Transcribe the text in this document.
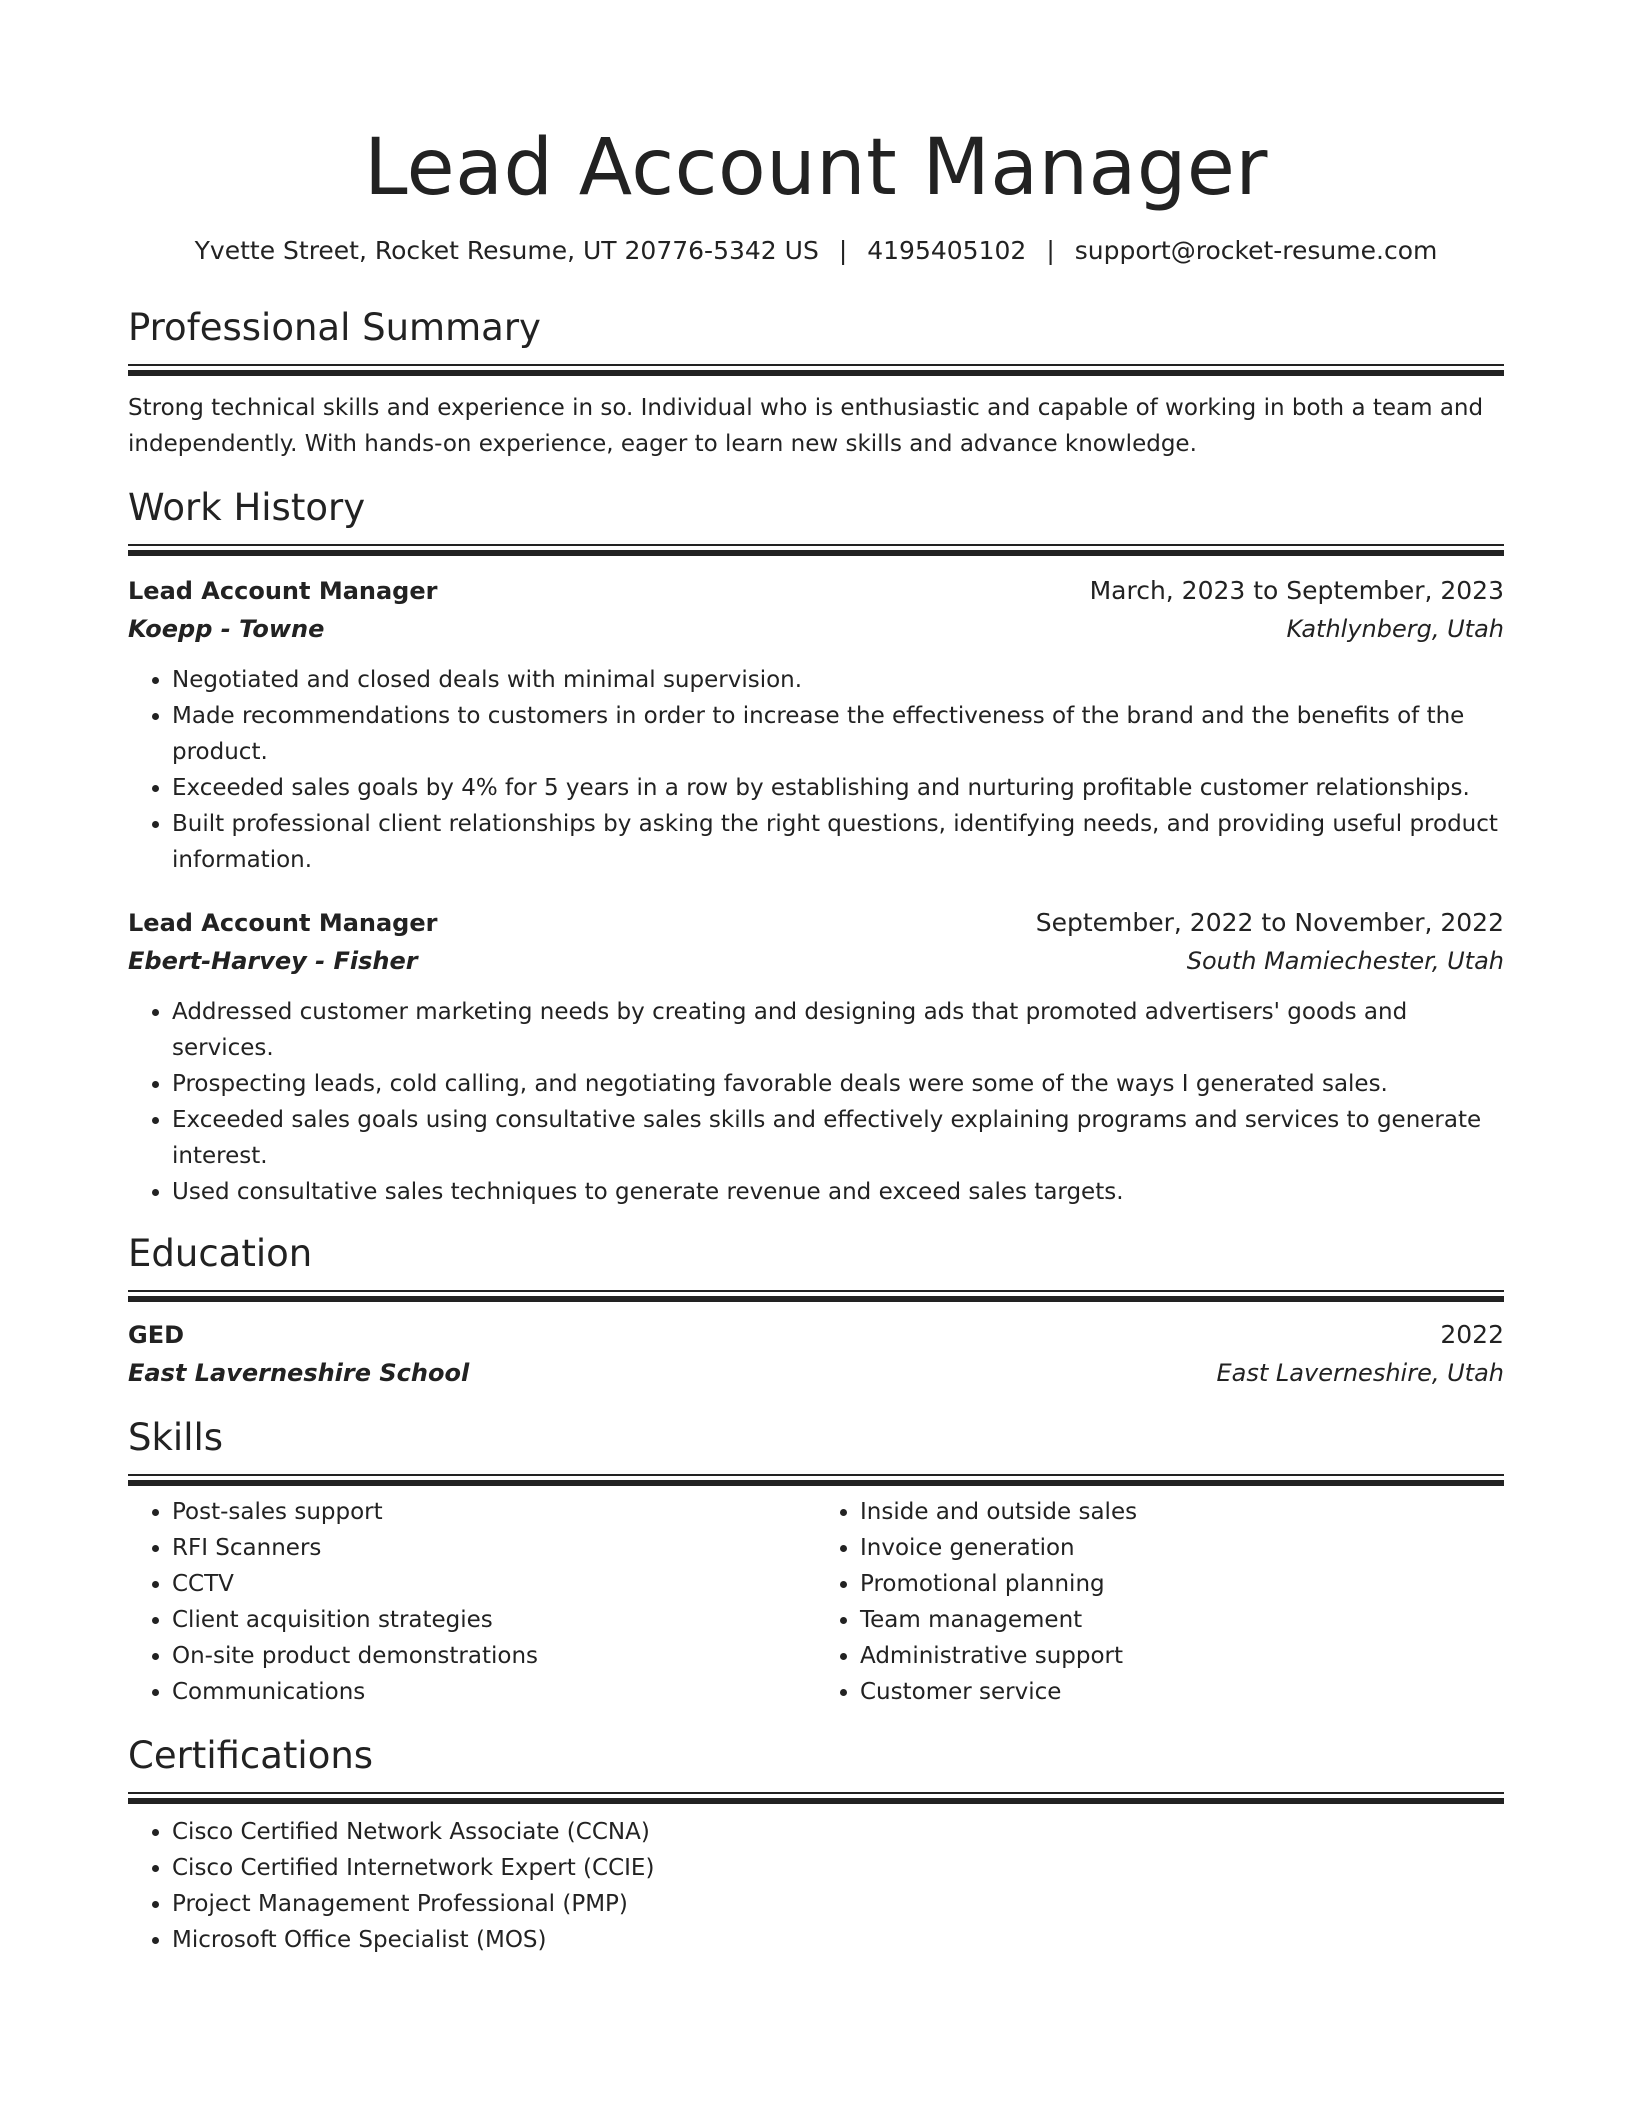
Lead Account Manager
Yvette Street, Rocket Resume, UT 20776-5342 US | 4195405102 | support@rocket-resume.com
Professional Summary
Strong technical skills and experience in so. Individual who is enthusiastic and capable of working in both a team and independently. With hands-on experience, eager to learn new skills and advance knowledge.
Work History
Lead Account Manager	March, 2023 to September, 2023
Koepp - Towne	Kathlynberg, Utah
• Negotiated and closed deals with minimal supervision.
• Made recommendations to customers in order to increase the effectiveness of the brand and the benefits of the product.
• Exceeded sales goals by 4% for 5 years in a row by establishing and nurturing profitable customer relationships.
• Built professional client relationships by asking the right questions, identifying needs, and providing useful product information.
Lead Account Manager	September, 2022 to November, 2022
Ebert-Harvey - Fisher	South Mamiechester, Utah
• Addressed customer marketing needs by creating and designing ads that promoted advertisers' goods and services.
• Prospecting leads, cold calling, and negotiating favorable deals were some of the ways I generated sales.
• Exceeded sales goals using consultative sales skills and effectively explaining programs and services to generate interest.
• Used consultative sales techniques to generate revenue and exceed sales targets.
Education
GED	2022
East Laverneshire School	East Laverneshire, Utah
Skills
• Post-sales support
• RFI Scanners
• CCTV
• Client acquisition strategies
• On-site product demonstrations
• Communications
• Inside and outside sales
• Invoice generation
• Promotional planning
• Team management
• Administrative support
• Customer service
Certifications
• Cisco Certified Network Associate (CCNA)
• Cisco Certified Internetwork Expert (CCIE)
• Project Management Professional (PMP)
• Microsoft Office Specialist (MOS)
